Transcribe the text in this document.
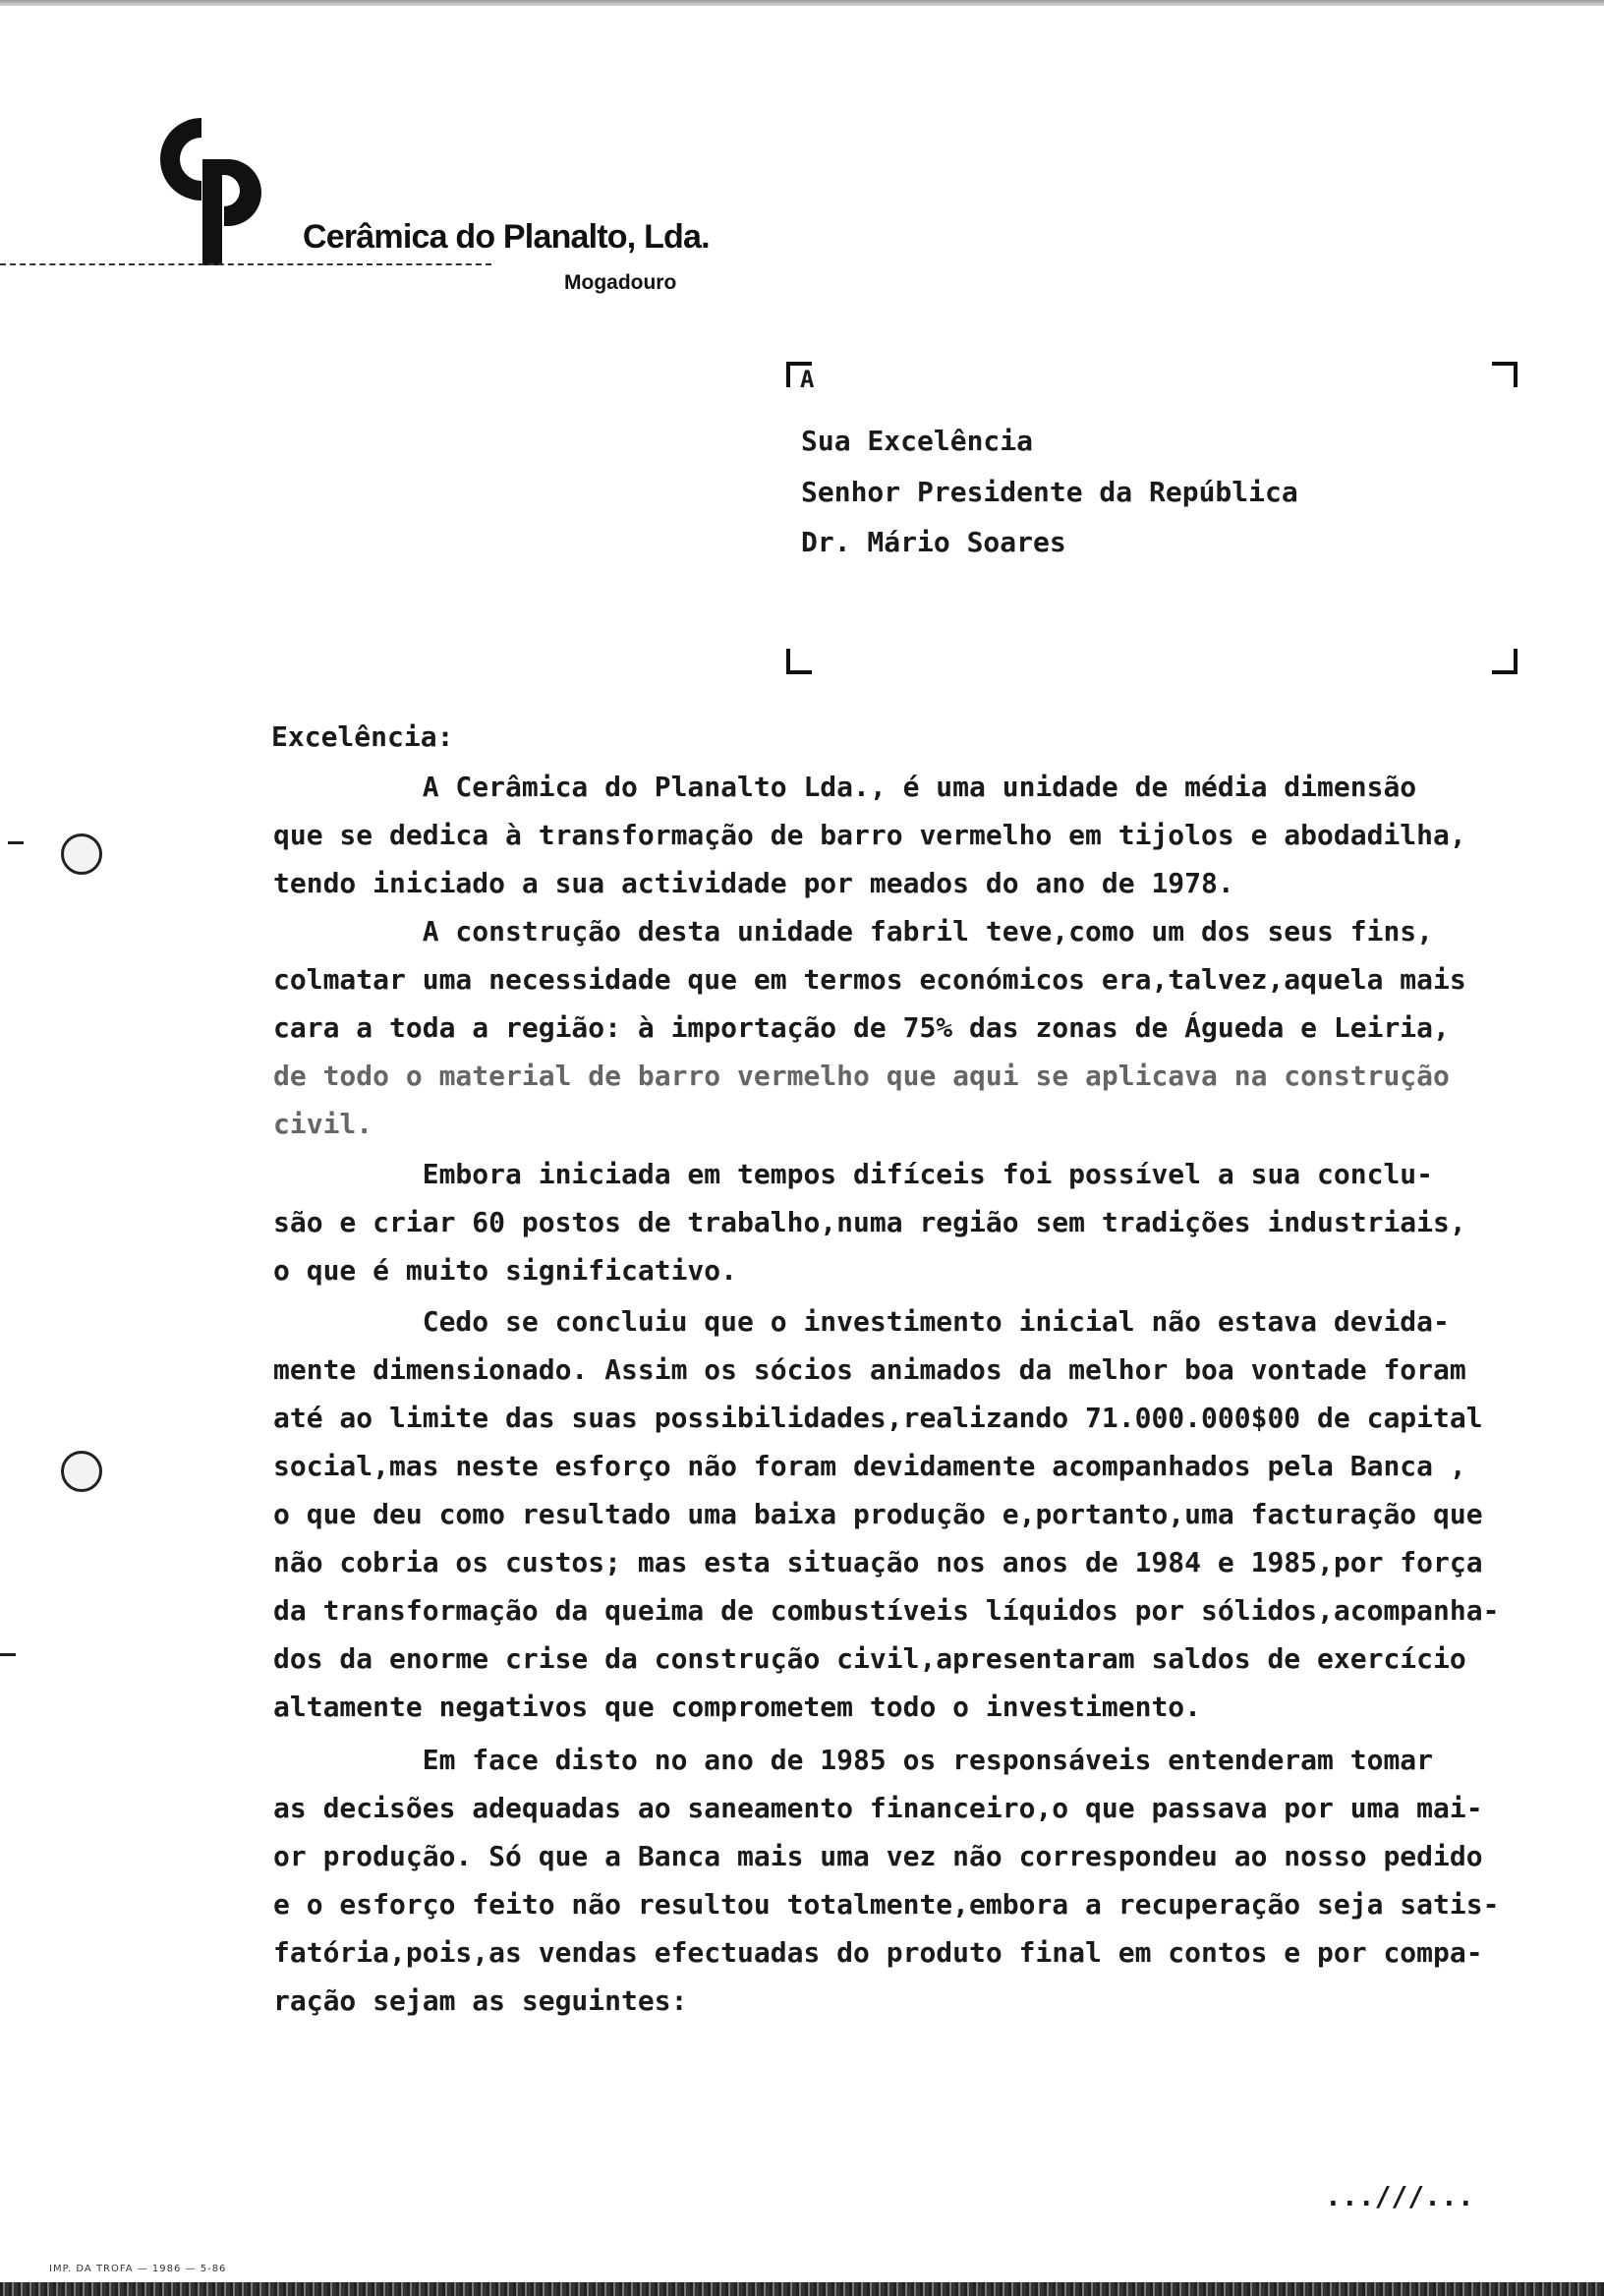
Cerâmica do Planalto, Lda.
Mogadouro
A
Sua Excelência
Senhor Presidente da República
Dr. Mário Soares
Excelência:
A Cerâmica do Planalto Lda., é uma unidade de média dimensão
que se dedica à transformação de barro vermelho em tijolos e abodadilha,
tendo iniciado a sua actividade por meados do ano de 1978.
A construção desta unidade fabril teve,como um dos seus fins,
colmatar uma necessidade que em termos económicos era,talvez,aquela mais
cara a toda a região: à importação de 75% das zonas de Águeda e Leiria,
de todo o material de barro vermelho que aqui se aplicava na construção
civil.
Embora iniciada em tempos difíceis foi possível a sua conclu-
são e criar 60 postos de trabalho,numa região sem tradições industriais,
o que é muito significativo.
Cedo se concluiu que o investimento inicial não estava devida-
mente dimensionado. Assim os sócios animados da melhor boa vontade foram
até ao limite das suas possibilidades,realizando 71.000.000$00 de capital
social,mas neste esforço não foram devidamente acompanhados pela Banca ,
o que deu como resultado uma baixa produção e,portanto,uma facturação que
não cobria os custos; mas esta situação nos anos de 1984 e 1985,por força
da transformação da queima de combustíveis líquidos por sólidos,acompanha-
dos da enorme crise da construção civil,apresentaram saldos de exercício
altamente negativos que comprometem todo o investimento.
Em face disto no ano de 1985 os responsáveis entenderam tomar
as decisões adequadas ao saneamento financeiro,o que passava por uma mai-
or produção. Só que a Banca mais uma vez não correspondeu ao nosso pedido
e o esforço feito não resultou totalmente,embora a recuperação seja satis-
fatória,pois,as vendas efectuadas do produto final em contos e por compa-
ração sejam as seguintes:
...///...
IMP. DA TROFA — 1986 — 5-86
